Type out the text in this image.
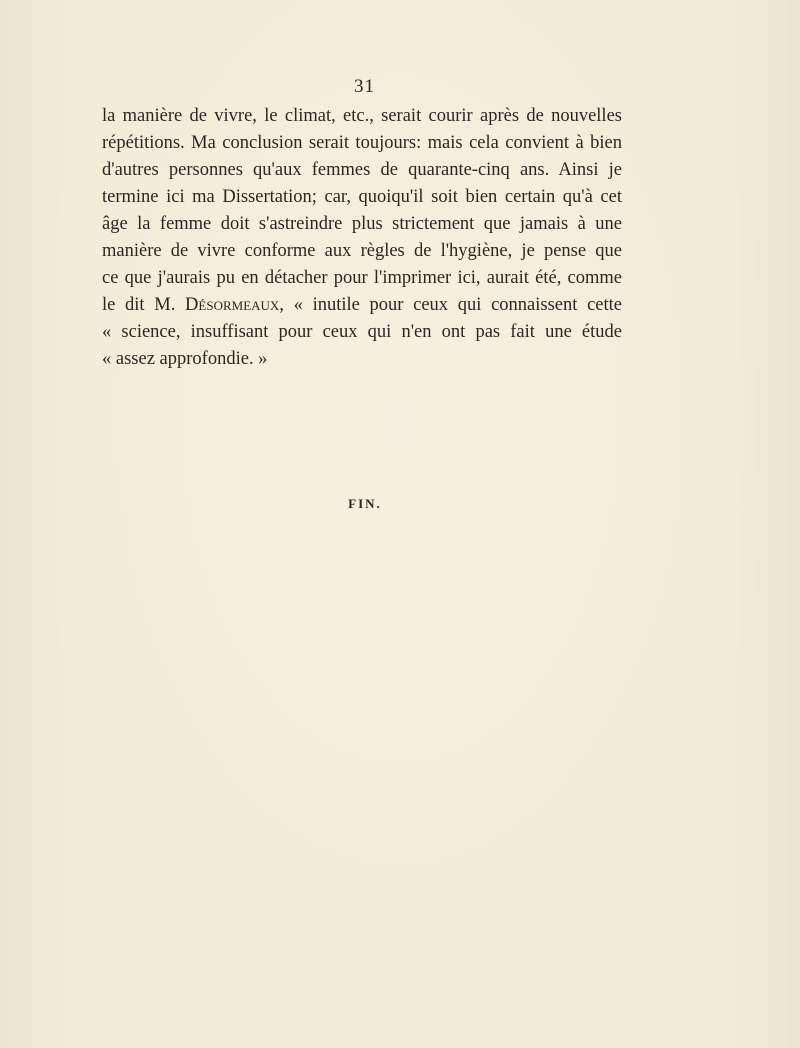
31
la manière de vivre, le climat, etc., serait courir après de nouvelles
répétitions. Ma conclusion serait toujours: mais cela convient à bien
d'autres personnes qu'aux femmes de quarante-cinq ans. Ainsi je
termine ici ma Dissertation; car, quoiqu'il soit bien certain qu'à cet
âge la femme doit s'astreindre plus strictement que jamais à une
manière de vivre conforme aux règles de l'hygiène, je pense que
ce que j'aurais pu en détacher pour l'imprimer ici, aurait été, comme
le dit M. Désormeaux, « inutile pour ceux qui connaissent cette
« science, insuffisant pour ceux qui n'en ont pas fait une étude
« assez approfondie. »
FIN.
